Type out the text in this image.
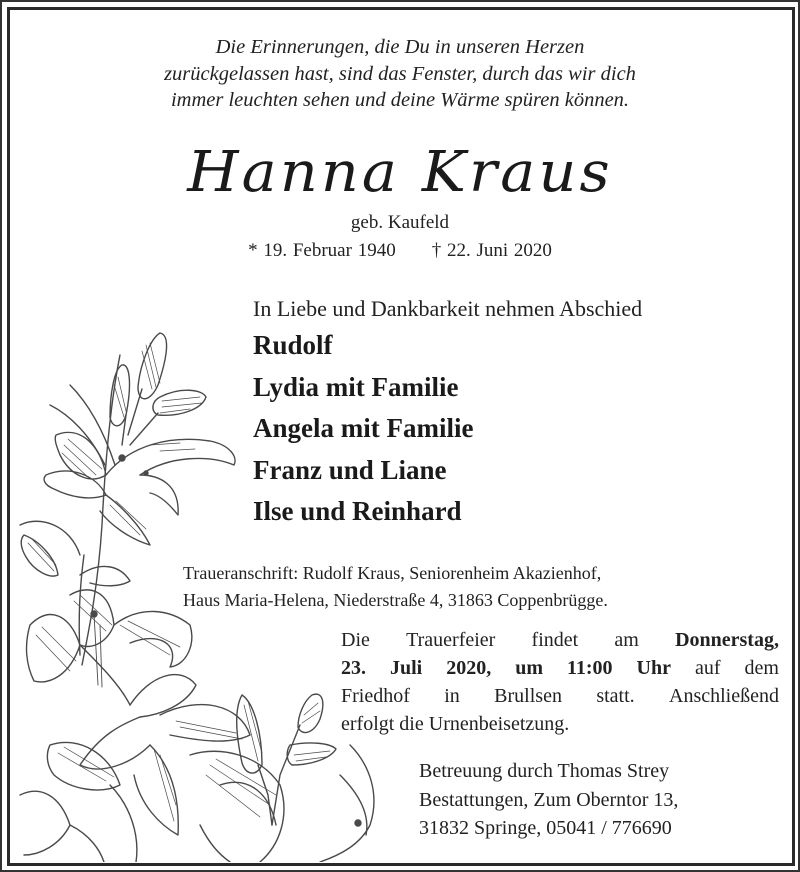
Die Erinnerungen, die Du in unseren Herzen
zurückgelassen hast, sind das Fenster, durch das wir dich
immer leuchten sehen und deine Wärme spüren können.
Hanna Kraus
geb. Kaufeld
* 19. Februar 1940 † 22. Juni 2020
In Liebe und Dankbarkeit nehmen Abschied
Rudolf
Lydia mit Familie
Angela mit Familie
Franz und Liane
Ilse und Reinhard
Traueranschrift: Rudolf Kraus, Seniorenheim Akazienhof,
Haus Maria-Helena, Niederstraße 4, 31863 Coppenbrügge.
Die Trauerfeier findet am Donnerstag,
23. Juli 2020, um 11:00 Uhr auf dem
Friedhof in Brullsen statt. Anschließend
erfolgt die Urnenbeisetzung.
Betreuung durch Thomas Strey
Bestattungen, Zum Oberntor 13,
31832 Springe, 05041 / 776690
